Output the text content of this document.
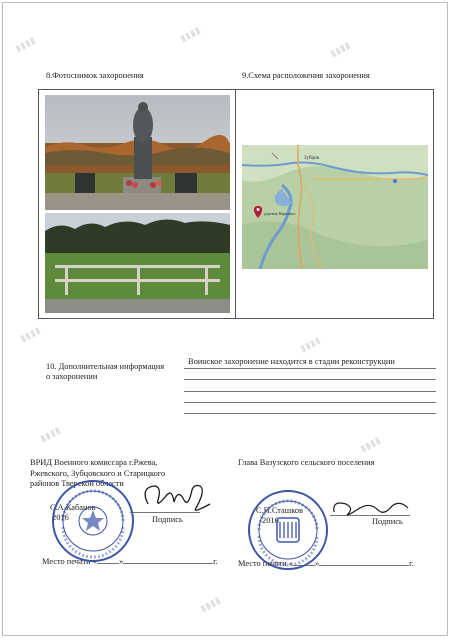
▮▮▮▮
▮▮▮▮
▮▮▮▮
▮▮▮▮
▮▮▮▮
▮▮▮▮
▮▮▮▮
▮▮▮▮
8.Фотоснимок захоронения	9.Схема расположения захоронения
Зубцов
деревня Варыгино
10. Дополнительная информация
о захоронении
Воинское захоронение находится в стадии реконструкции
ВРИД Военного комиссара г.Ржева,
Ржевского, Зубцовского и Старицкого
районов Тверской области
С.А.Кабанов
2016	Подпись
Место печати «	»	г.
Глава Вазузского сельского поселения
С.П.Сташков
2016	Подпись
Место печати «	»	г.
